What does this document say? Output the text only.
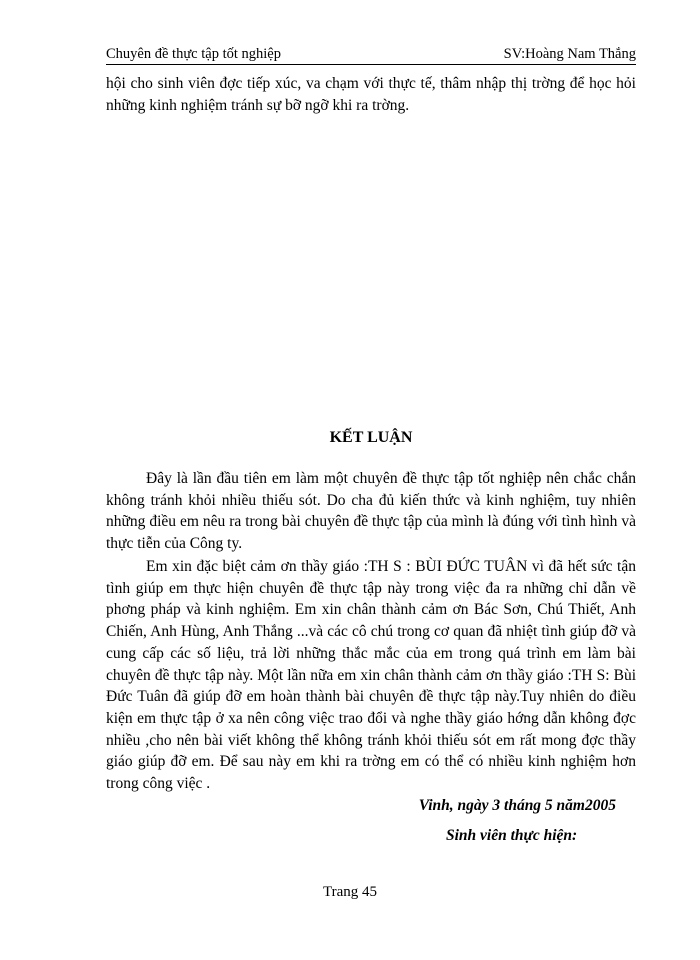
Chuyên đề thực tập tốt nghiệp	SV:Hoàng Nam Thắng

hội cho sinh viên đợc tiếp xúc, va chạm với thực tế, thâm nhập thị trờng để học hỏi những kinh nghiệm tránh sự bỡ ngỡ khi ra trờng.

KẾT LUẬN

Đây là lần đầu tiên em làm một chuyên đề thực tập tốt nghiệp nên chắc chắn không tránh khỏi nhiều thiếu sót. Do cha đủ kiến thức và kinh nghiệm, tuy nhiên những điều em nêu ra trong bài chuyên đề thực tập của mình là đúng với tình hình và thực tiễn của Công ty.

Em xin đặc biệt cảm ơn thầy giáo :TH S : BÙI ĐỨC TUÂN vì đã hết sức tận tình giúp em thực hiện chuyên đề thực tập này trong việc đa ra những chỉ dẫn về phơng pháp và kinh nghiệm. Em xin chân thành cảm ơn Bác Sơn, Chú Thiết, Anh Chiến, Anh Hùng, Anh Thắng ...và các cô chú trong cơ quan đã nhiệt tình giúp đỡ và cung cấp các số liệu, trả lời những thắc mắc của em trong quá trình em làm bài chuyên đề thực tập này. Một lần nữa em xin chân thành cảm ơn thầy giáo :TH S: Bùi Đức Tuân đã giúp đỡ em hoàn thành bài chuyên đề thực tập này.Tuy nhiên do điều kiện em thực tập ở xa nên công việc trao đổi và nghe thầy giáo hớng dẫn không đợc nhiều ,cho nên bài viết không thể không tránh khỏi thiếu sót em rất mong đợc thầy giáo giúp đỡ em. Để sau này em khi ra trờng em có thể có nhiều kinh nghiệm hơn trong công việc .

Vinh, ngày 3 tháng 5 năm2005

Sinh viên thực hiện:

Trang 45
